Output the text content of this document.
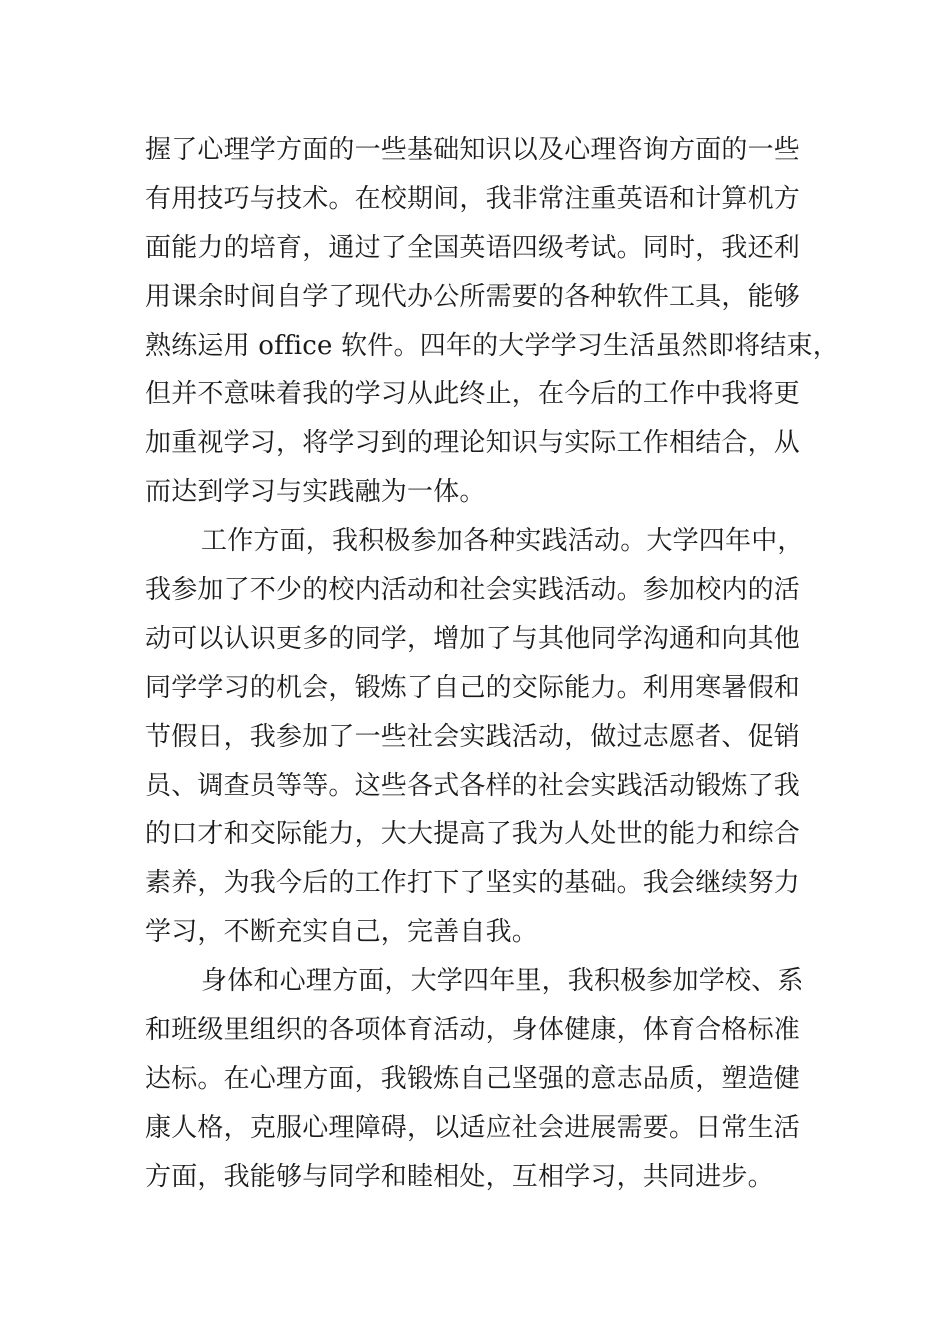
握了心理学方面的一些基础知识以及心理咨询方面的一些
有用技巧与技术。在校期间，我非常注重英语和计算机方
面能力的培育，通过了全国英语四级考试。同时，我还利
用课余时间自学了现代办公所需要的各种软件工具，能够
熟练运用 office 软件。四年的大学学习生活虽然即将结束，
但并不意味着我的学习从此终止，在今后的工作中我将更
加重视学习，将学习到的理论知识与实际工作相结合，从
而达到学习与实践融为一体。
工作方面，我积极参加各种实践活动。大学四年中，
我参加了不少的校内活动和社会实践活动。参加校内的活
动可以认识更多的同学，增加了与其他同学沟通和向其他
同学学习的机会，锻炼了自己的交际能力。利用寒暑假和
节假日，我参加了一些社会实践活动，做过志愿者、促销
员、调查员等等。这些各式各样的社会实践活动锻炼了我
的口才和交际能力，大大提高了我为人处世的能力和综合
素养，为我今后的工作打下了坚实的基础。我会继续努力
学习，不断充实自己，完善自我。
身体和心理方面，大学四年里，我积极参加学校、系
和班级里组织的各项体育活动，身体健康，体育合格标准
达标。在心理方面，我锻炼自己坚强的意志品质，塑造健
康人格，克服心理障碍，以适应社会进展需要。日常生活
方面，我能够与同学和睦相处，互相学习，共同进步。
